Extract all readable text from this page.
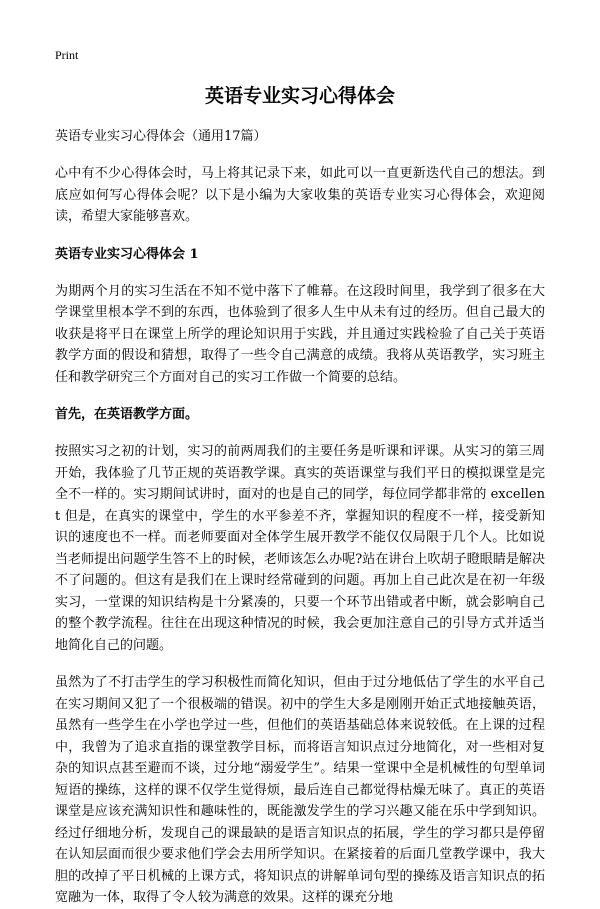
Print
英语专业实习心得体会
英语专业实习心得体会（通用17篇）

心中有不少心得体会时，马上将其记录下来，如此可以一直更新迭代自己的想法。到底应如何写心得体会呢？以下是小编为大家收集的英语专业实习心得体会，欢迎阅读，希望大家能够喜欢。

英语专业实习心得体会 1

为期两个月的实习生活在不知不觉中落下了帷幕。在这段时间里，我学到了很多在大学课堂里根本学不到的东西，也体验到了很多人生中从未有过的经历。但自己最大的收获是将平日在课堂上所学的理论知识用于实践，并且通过实践检验了自己关于英语教学方面的假设和猜想，取得了一些令自己满意的成绩。我将从英语教学，实习班主任和教学研究三个方面对自己的实习工作做一个简要的总结。

首先，在英语教学方面。

按照实习之初的计划，实习的前两周我们的主要任务是听课和评课。从实习的第三周开始，我体验了几节正规的英语教学课。真实的英语课堂与我们平日的模拟课堂是完全不一样的。实习期间试讲时，面对的也是自己的同学，每位同学都非常的 excellent 但是，在真实的课堂中，学生的水平参差不齐，掌握知识的程度不一样，接受新知识的速度也不一样。而老师要面对全体学生展开教学不能仅仅局限于几个人。比如说当老师提出问题学生答不上的时候，老师该怎么办呢?站在讲台上吹胡子瞪眼睛是解决不了问题的。但这有是我们在上课时经常碰到的问题。再加上自己此次是在初一年级实习，一堂课的知识结构是十分紧凑的，只要一个环节出错或者中断，就会影响自己的整个教学流程。往往在出现这种情况的时候，我会更加注意自己的引导方式并适当地简化自己的问题。

虽然为了不打击学生的学习积极性而简化知识，但由于过分地低估了学生的水平自己在实习期间又犯了一个很极端的错误。初中的学生大多是刚刚开始正式地接触英语，虽然有一些学生在小学也学过一些，但他们的英语基础总体来说较低。在上课的过程中，我曾为了追求直指的课堂教学目标，而将语言知识点过分地简化，对一些相对复杂的知识点甚至避而不谈，过分地“溺爱学生”。结果一堂课中全是机械性的句型单词短语的操练，这样的课不仅学生觉得烦，最后连自己都觉得枯燥无味了。真正的英语课堂是应该充满知识性和趣味性的，既能激发学生的学习兴趣又能在乐中学到知识。经过仔细地分析，发现自己的课最缺的是语言知识点的拓展，学生的学习都只是停留在认知层面而很少要求他们学会去用所学知识。在紧接着的后面几堂教学课中，我大胆的改掉了平日机械的上课方式，将知识点的讲解单词句型的操练及语言知识点的拓宽融为一体，取得了令人较为满意的效果。这样的课充分地
